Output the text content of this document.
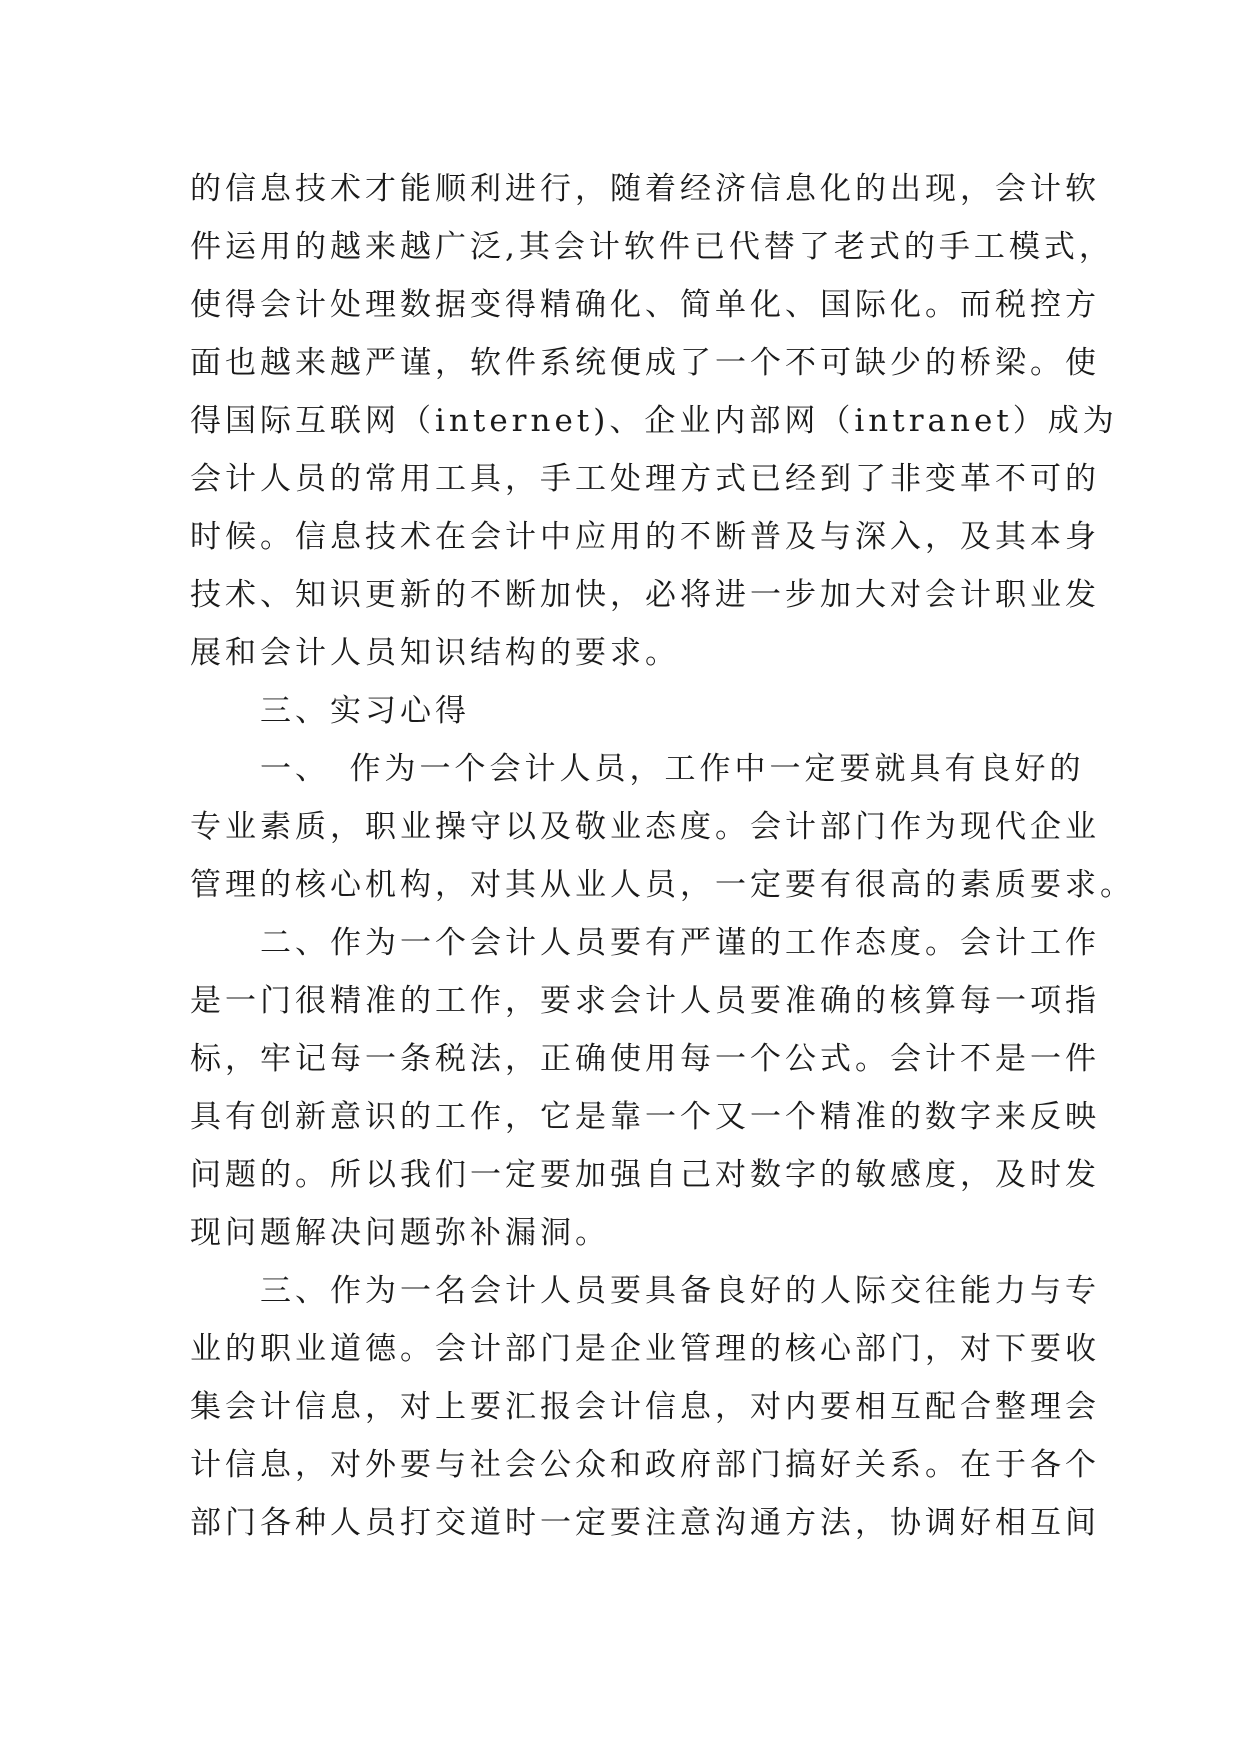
的信息技术才能顺利进行，随着经济信息化的出现，会计软
件运用的越来越广泛,其会计软件已代替了老式的手工模式，
使得会计处理数据变得精确化、简单化、国际化。而税控方
面也越来越严谨，软件系统便成了一个不可缺少的桥梁。使
得国际互联网（internet)、企业内部网（intranet）成为
会计人员的常用工具，手工处理方式已经到了非变革不可的
时候。信息技术在会计中应用的不断普及与深入，及其本身
技术、知识更新的不断加快，必将进一步加大对会计职业发
展和会计人员知识结构的要求。
　　三、实习心得
　　一、　作为一个会计人员，工作中一定要就具有良好的
专业素质，职业操守以及敬业态度。会计部门作为现代企业
管理的核心机构，对其从业人员，一定要有很高的素质要求。
　　二、作为一个会计人员要有严谨的工作态度。会计工作
是一门很精准的工作，要求会计人员要准确的核算每一项指
标，牢记每一条税法，正确使用每一个公式。会计不是一件
具有创新意识的工作，它是靠一个又一个精准的数字来反映
问题的。所以我们一定要加强自己对数字的敏感度，及时发
现问题解决问题弥补漏洞。
　　三、作为一名会计人员要具备良好的人际交往能力与专
业的职业道德。会计部门是企业管理的核心部门，对下要收
集会计信息，对上要汇报会计信息，对内要相互配合整理会
计信息，对外要与社会公众和政府部门搞好关系。在于各个
部门各种人员打交道时一定要注意沟通方法，协调好相互间
